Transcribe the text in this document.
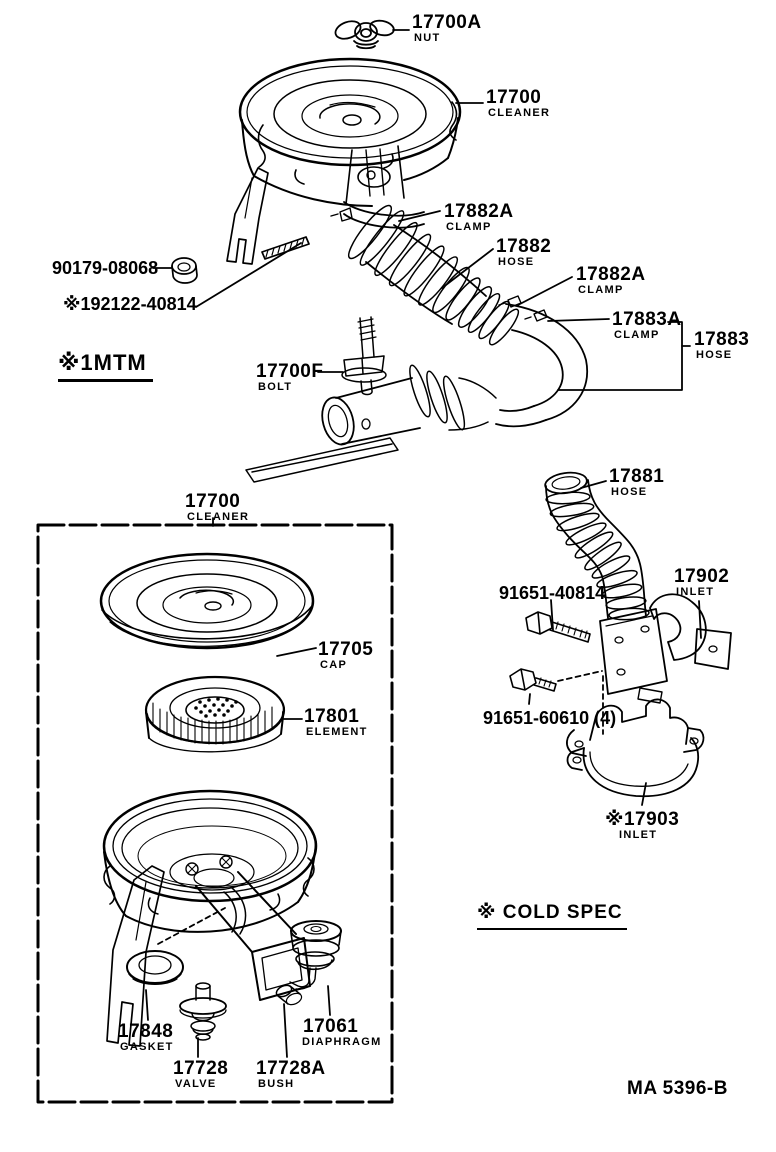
17700A
NUT
17700
CLEANER
17882A
CLAMP
17882
HOSE
17882A
CLAMP
17883A
CLAMP	17883
HOSE
90179-08068
※192122-40814
※1MTM	17700F
BOLT
17881
HOSE
91651-40814
17902
INLET
91651-60610 (4)
※17903
INLET
※ COLD SPEC
17700
CLEANER
17705
CAP
17801
ELEMENT
17848
GASKET
17728
VALVE
17728A
BUSH
17061
DIAPHRAGM
MA 5396-B
